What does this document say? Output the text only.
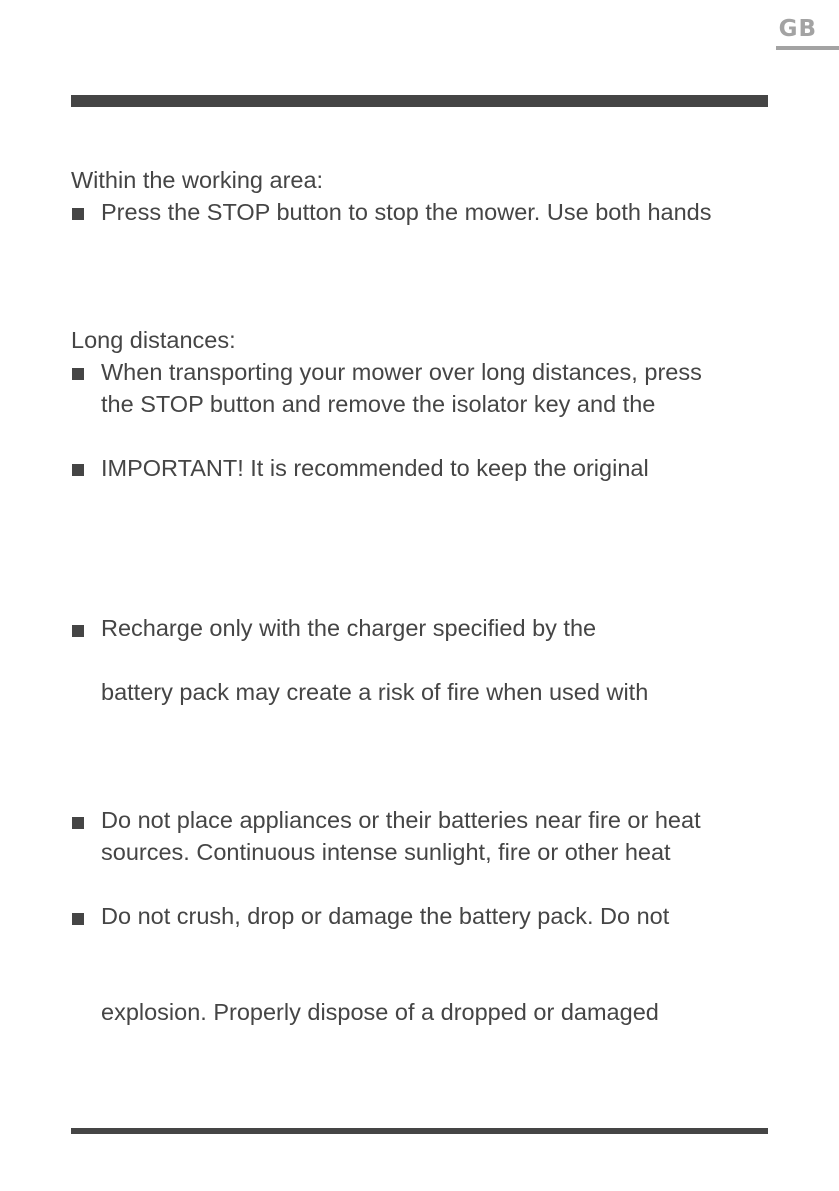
GB
Within the working area:
Press the STOP button to stop the mower. Use both hands
Long distances:
When transporting your mower over long distances, press
the STOP button and remove the isolator key and the
IMPORTANT! It is recommended to keep the original
Recharge only with the charger specified by the
battery pack may create a risk of fire when used with
Do not place appliances or their batteries near fire or heat
sources. Continuous intense sunlight, fire or other heat
Do not crush, drop or damage the battery pack. Do not
explosion. Properly dispose of a dropped or damaged
